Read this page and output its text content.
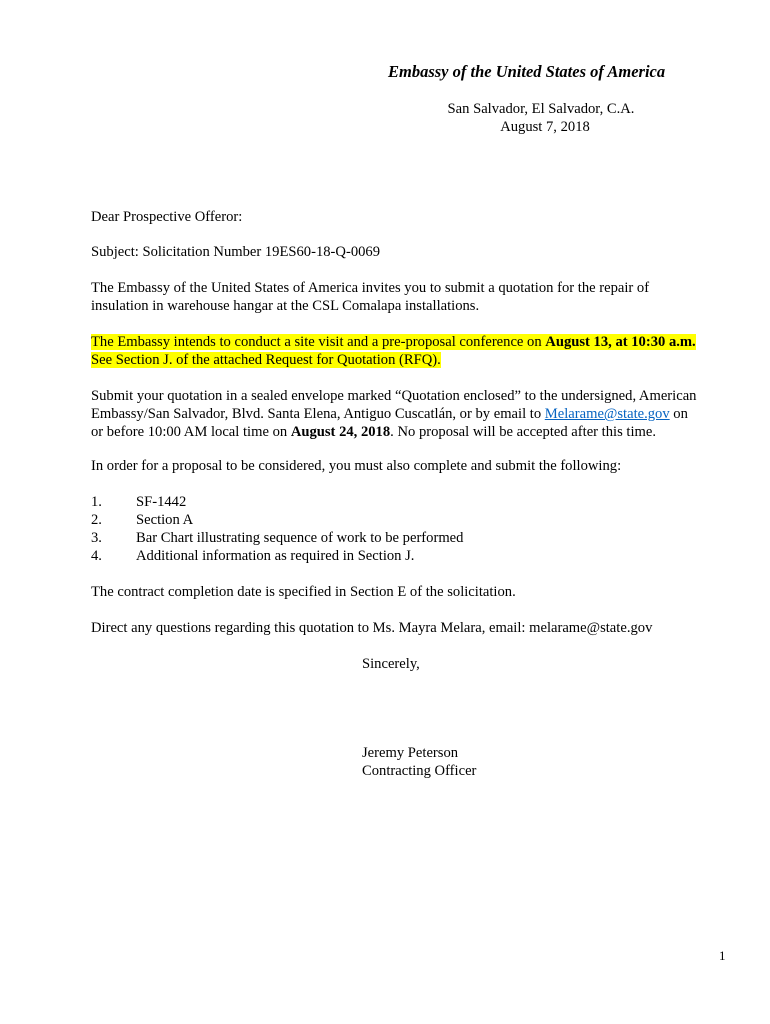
Embassy of the United States of America
San Salvador, El Salvador, C.A.
August 7, 2018
Dear Prospective Offeror:
Subject: Solicitation Number 19ES60-18-Q-0069
The Embassy of the United States of America invites you to submit a quotation for the repair of
insulation in warehouse hangar at the CSL Comalapa installations.
The Embassy intends to conduct a site visit and a pre-proposal conference on August 13, at 10:30 a.m.
See Section J. of the attached Request for Quotation (RFQ).
Submit your quotation in a sealed envelope marked “Quotation enclosed” to the undersigned, American
Embassy/San Salvador, Blvd. Santa Elena, Antiguo Cuscatlán, or by email to Melarame@state.gov on
or before 10:00 AM local time on August 24, 2018. No proposal will be accepted after this time.
In order for a proposal to be considered, you must also complete and submit the following:
1. SF-1442
2. Section A
3. Bar Chart illustrating sequence of work to be performed
4. Additional information as required in Section J.
The contract completion date is specified in Section E of the solicitation.
Direct any questions regarding this quotation to Ms. Mayra Melara, email: melarame@state.gov
Sincerely,
Jeremy Peterson
Contracting Officer
1
